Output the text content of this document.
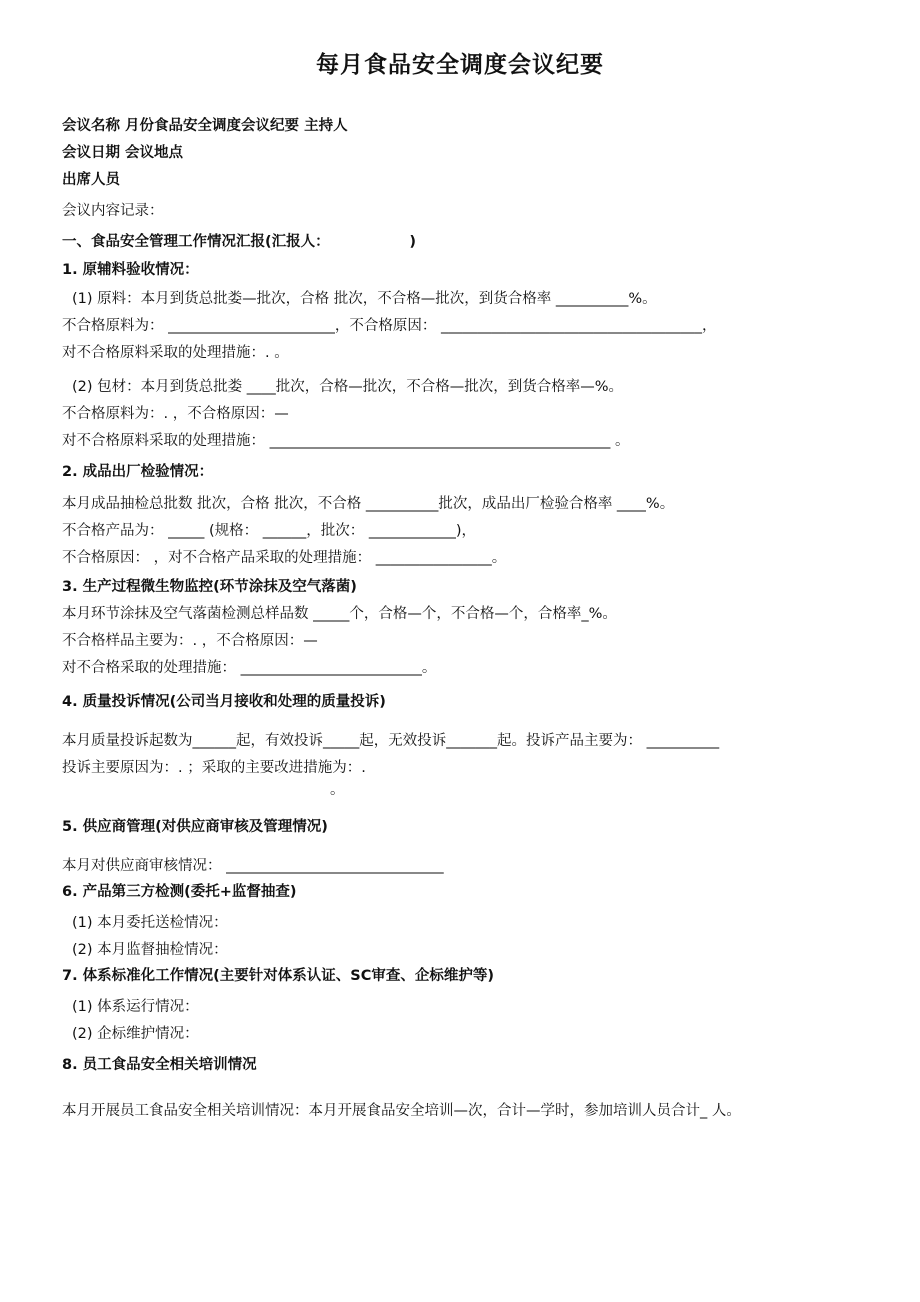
每月食品安全调度会议纪要
会议名称 月份食品安全调度会议纪要 主持人
会议日期 会议地点
出席人员
会议内容记录：
一、食品安全管理工作情况汇报(汇报人：　　　　　　)
1. 原辅料验收情况：
(1) 原料：本月到货总批娄—批次，合格 批次，不合格—批次，到货合格率 __________%。
不合格原料为： _______________________，不合格原因： ____________________________________，
对不合格原料采取的处理措施：. 。
(2) 包材：本月到货总批娄 ____批次，合格—批次，不合格—批次，到货合格率—%。
不合格原料为：. ，不合格原因：—
对不合格原料采取的处理措施： _______________________________________________ 。
2. 成品出厂检验情况：
本月成品抽检总批数 批次，合格 批次，不合格 __________批次，成品出厂检验合格率 ____%。
不合格产品为： _____ (规格： ______，批次： ____________)，
不合格原因： ，对不合格产品采取的处理措施： ________________。
3. 生产过程微生物监控(环节涂抹及空气落菌)
本月环节涂抹及空气落菌检测总样品数 _____个，合格—个，不合格—个，合格率_%。
不合格样品主要为：. ，不合格原因：—
对不合格采取的处理措施： _________________________。
4. 质量投诉情况(公司当月接收和处理的质量投诉)
本月质量投诉起数为______起，有效投诉_____起，无效投诉_______起。投诉产品主要为： __________
投诉主要原因为：. ；采取的主要改进措施为：.
。
5. 供应商管理(对供应商审核及管理情况)
本月对供应商审核情况： ______________________________
6. 产品第三方检测(委托+监督抽查)
(1) 本月委托送检情况：
(2) 本月监督抽检情况：
7. 体系标准化工作情况(主要针对体系认证、SC审查、企标维护等)
(1) 体系运行情况：
(2) 企标维护情况：
8. 员工食品安全相关培训情况
本月开展员工食品安全相关培训情况：本月开展食品安全培训—次，合计—学时，参加培训人员合计_ 人。
